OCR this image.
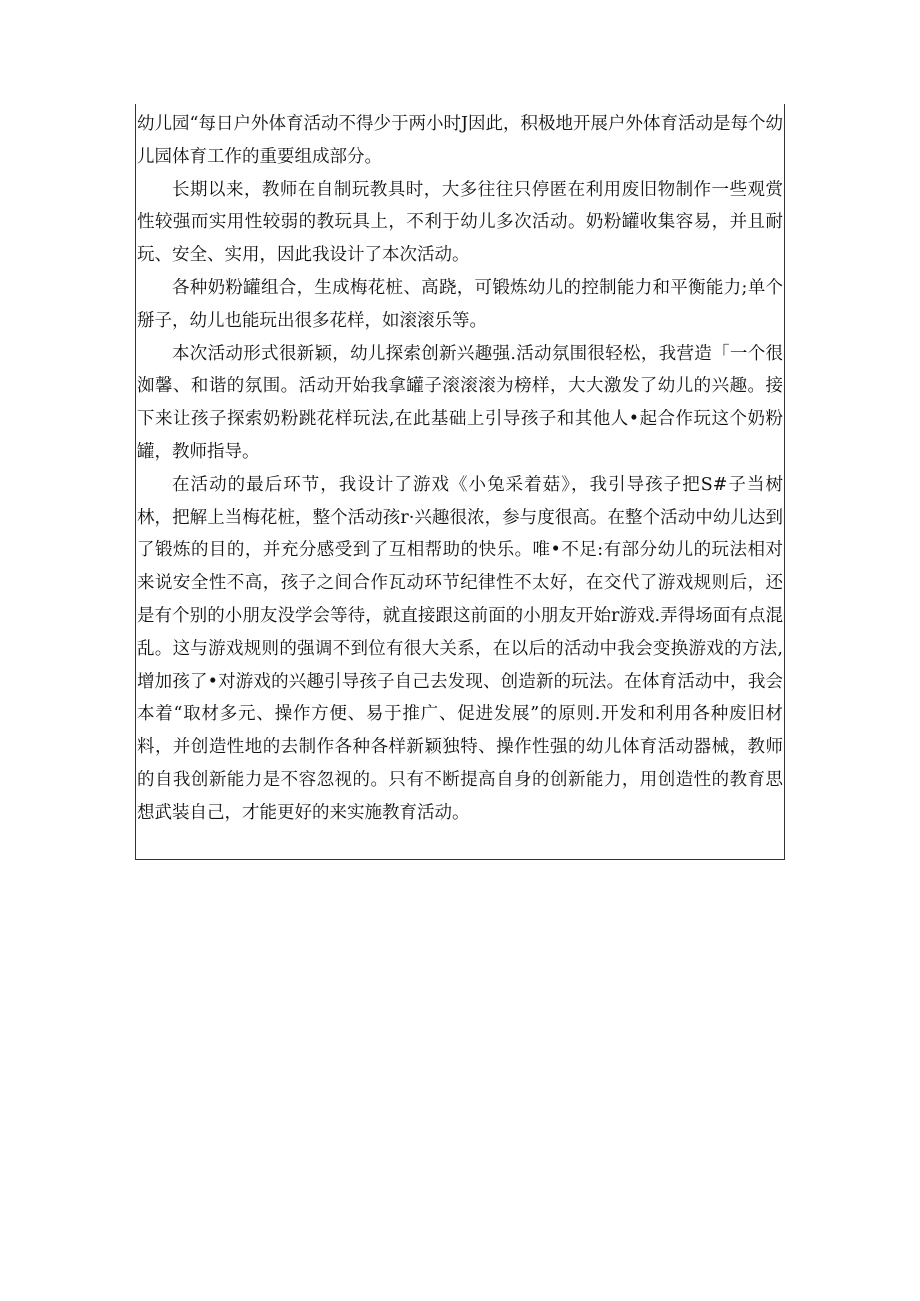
幼儿园“每日户外体育活动不得少于两小时J因此，积极地开展户外体育活动是每个幼儿园体育工作的重要组成部分。

长期以来，教师在自制玩教具时，大多往往只停匿在利用废旧物制作一些观赏性较强而实用性较弱的教玩具上，不利于幼儿多次活动。奶粉罐收集容易，并且耐玩、安全、实用，因此我设计了本次活动。

各种奶粉罐组合，生成梅花桩、高跷，可锻炼幼儿的控制能力和平衡能力;单个掰子，幼儿也能玩出很多花样，如滚滚乐等。

本次活动形式很新颖，幼儿探索创新兴趣强.活动氛围很轻松，我营造「一个很洳馨、和谐的氛围。活动开始我拿罐子滚滚滚为榜样，大大激发了幼儿的兴趣。接下来让孩子探索奶粉跳花样玩法,在此基础上引导孩子和其他人•起合作玩这个奶粉罐，教师指导。

在活动的最后环节，我设计了游戏《小兔采着菇》，我引导孩子把S#子当树林，把解上当梅花桩，整个活动孩r·兴趣很浓，参与度很高。在整个活动中幼儿达到了锻炼的目的，并充分感受到了互相帮助的快乐。唯•不足:有部分幼儿的玩法相对来说安全性不高，孩子之间合作瓦动环节纪律性不太好，在交代了游戏规则后，还是有个别的小朋友没学会等待，就直接跟这前面的小朋友开始r游戏.弄得场面有点混乱。这与游戏规则的强调不到位有很大关系，在以后的活动中我会变换游戏的方法,增加孩了•对游戏的兴趣引导孩子自己去发现、创造新的玩法。在体育活动中，我会本着“取材多元、操作方便、易于推广、促进发展”的原则.开发和利用各种废旧材料，并创造性地的去制作各种各样新颖独特、操作性强的幼儿体育活动器械，教师的自我创新能力是不容忽视的。只有不断提高自身的创新能力，用创造性的教育思想武装自己，才能更好的来实施教育活动。
